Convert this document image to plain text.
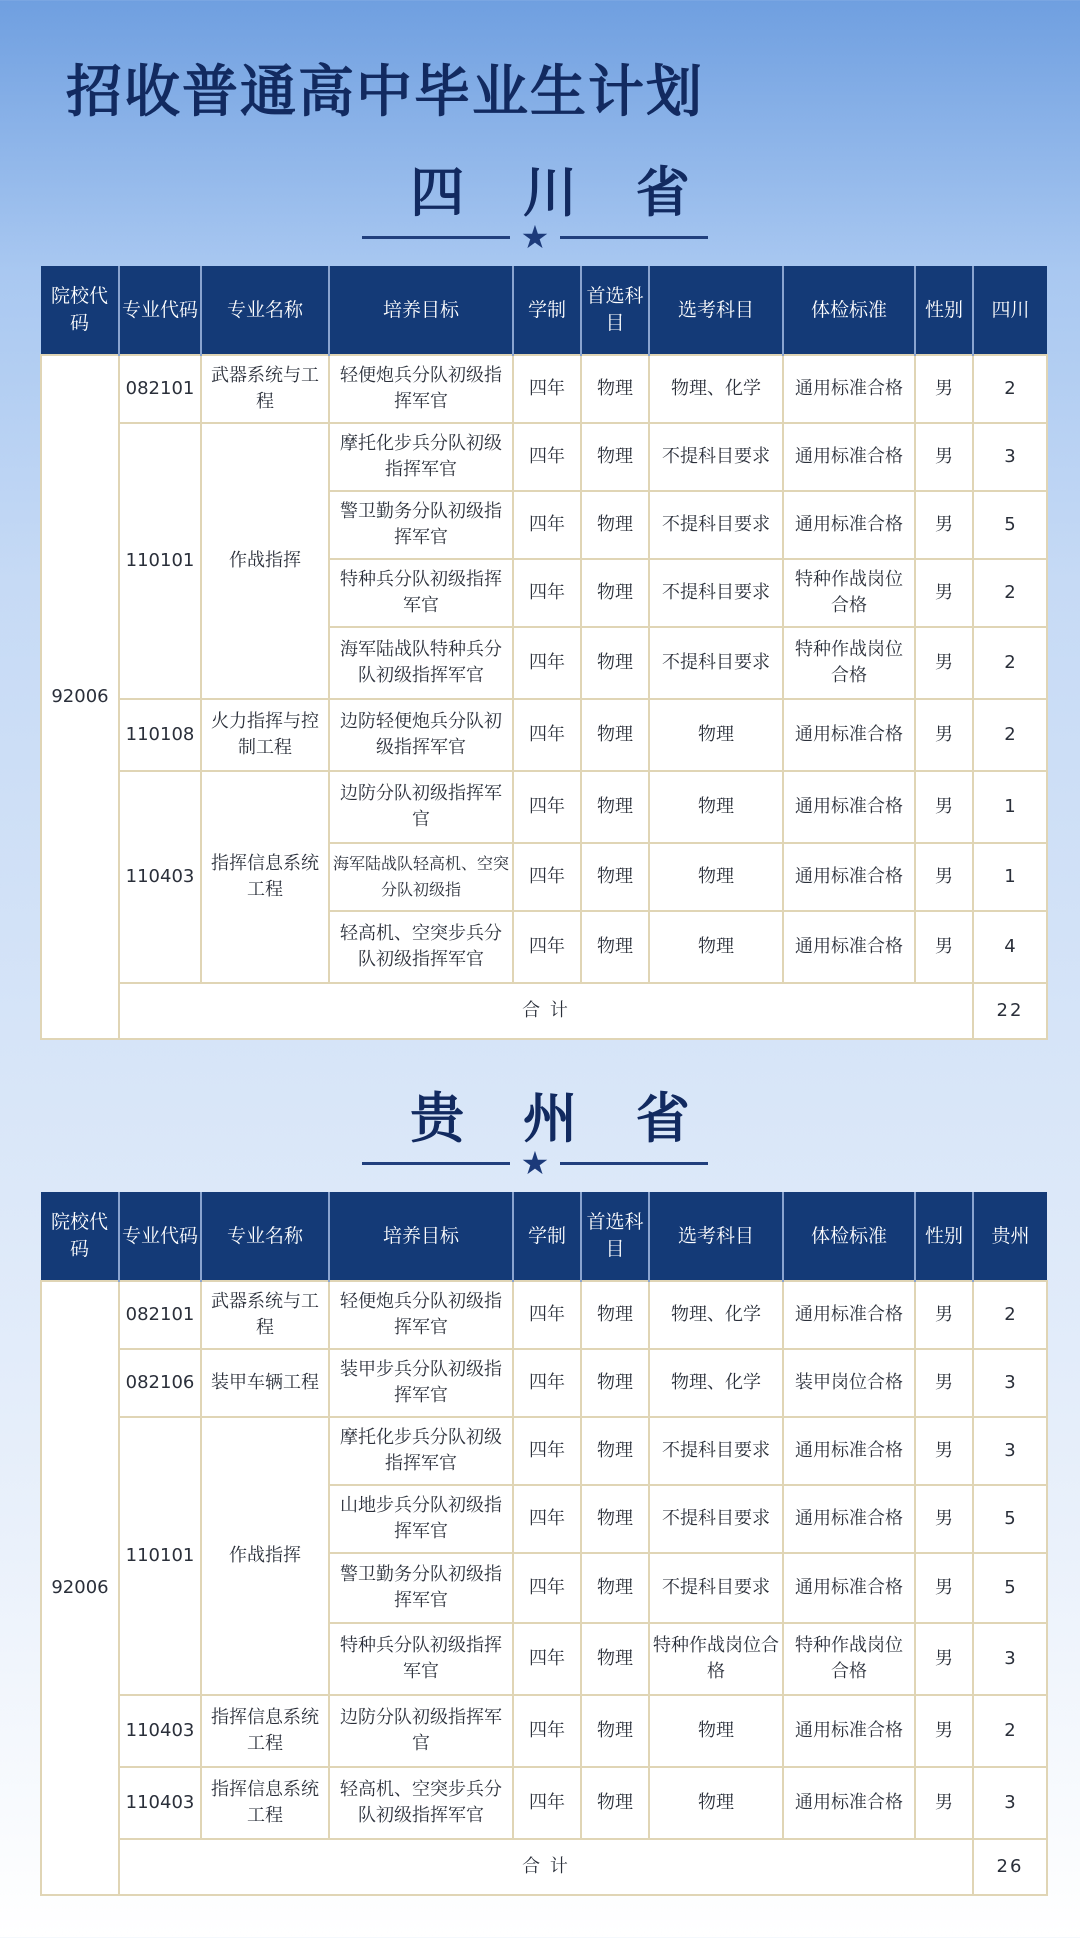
招收普通高中毕业生计划
四 川 省
★
院校代码	专业代码	专业名称	培养目标	学制	首选科目	选考科目	体检标准	性别	四川
92006	082101	武器系统与工程	轻便炮兵分队初级指挥军官	四年	物理	物理、化学	通用标准合格	男	2
	110101	作战指挥	摩托化步兵分队初级指挥军官	四年	物理	不提科目要求	通用标准合格	男	3
			警卫勤务分队初级指挥军官	四年	物理	不提科目要求	通用标准合格	男	5
			特种兵分队初级指挥军官	四年	物理	不提科目要求	特种作战岗位合格	男	2
			海军陆战队特种兵分队初级指挥军官	四年	物理	不提科目要求	特种作战岗位合格	男	2
	110108	火力指挥与控制工程	边防轻便炮兵分队初级指挥军官	四年	物理	物理	通用标准合格	男	2
	110403	指挥信息系统工程	边防分队初级指挥军官	四年	物理	物理	通用标准合格	男	1
			海军陆战队轻高机、空突分队初级指	四年	物理	物理	通用标准合格	男	1
			轻高机、空突步兵分队初级指挥军官	四年	物理	物理	通用标准合格	男	4
	合 计								22
贵 州 省
★
院校代码	专业代码	专业名称	培养目标	学制	首选科目	选考科目	体检标准	性别	贵州
92006	082101	武器系统与工程	轻便炮兵分队初级指挥军官	四年	物理	物理、化学	通用标准合格	男	2
	082106	装甲车辆工程	装甲步兵分队初级指挥军官	四年	物理	物理、化学	装甲岗位合格	男	3
	110101	作战指挥	摩托化步兵分队初级指挥军官	四年	物理	不提科目要求	通用标准合格	男	3
			山地步兵分队初级指挥军官	四年	物理	不提科目要求	通用标准合格	男	5
			警卫勤务分队初级指挥军官	四年	物理	不提科目要求	通用标准合格	男	5
			特种兵分队初级指挥军官	四年	物理	特种作战岗位合格	特种作战岗位合格	男	3
	110403	指挥信息系统工程	边防分队初级指挥军官	四年	物理	物理	通用标准合格	男	2
	110403	指挥信息系统工程	轻高机、空突步兵分队初级指挥军官	四年	物理	物理	通用标准合格	男	3
	合 计								26
